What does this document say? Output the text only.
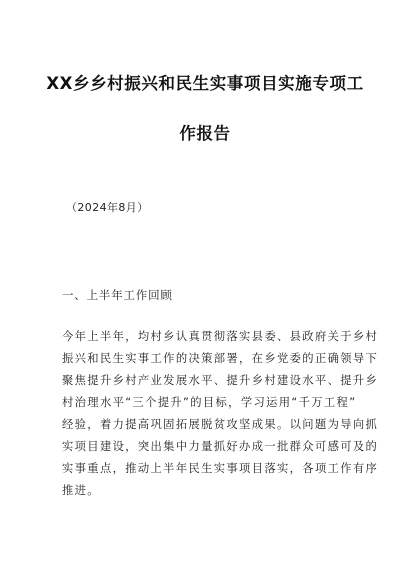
XX乡乡村振兴和民生实事项目实施专项工
作报告
（2024年8月）
一、上半年工作回顾
今年上半年，均村乡认真贯彻落实县委、县政府关于乡村
振兴和民生实事工作的决策部署，在乡党委的正确领导下
聚焦提升乡村产业发展水平、提升乡村建设水平、提升乡
村治理水平“三个提升”的目标，学习运用“千万工程”
经验，着力提高巩固拓展脱贫攻坚成果。以问题为导向抓
实项目建设，突出集中力量抓好办成一批群众可感可及的
实事重点，推动上半年民生实事项目落实，各项工作有序
推进。
